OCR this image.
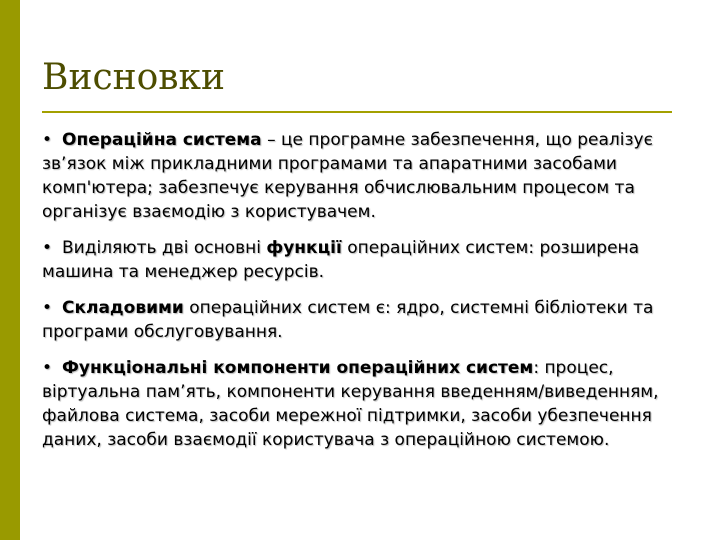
Висновки

• Операційна система – це програмне забезпечення, що реалізує зв’язок між прикладними програмами та апаратними засобами комп'ютера; забезпечує керування обчислювальним процесом та організує взаємодію з користувачем.

• Виділяють дві основні функції операційних систем: розширена машина та менеджер ресурсів.

• Складовими операційних систем є: ядро, системні бібліотеки та програми обслуговування.

• Функціональні компоненти операційних систем: процес, віртуальна пам’ять, компоненти керування введенням/виведенням, файлова система, засоби мережної підтримки, засоби убезпечення даних, засоби взаємодії користувача з операційною системою.
